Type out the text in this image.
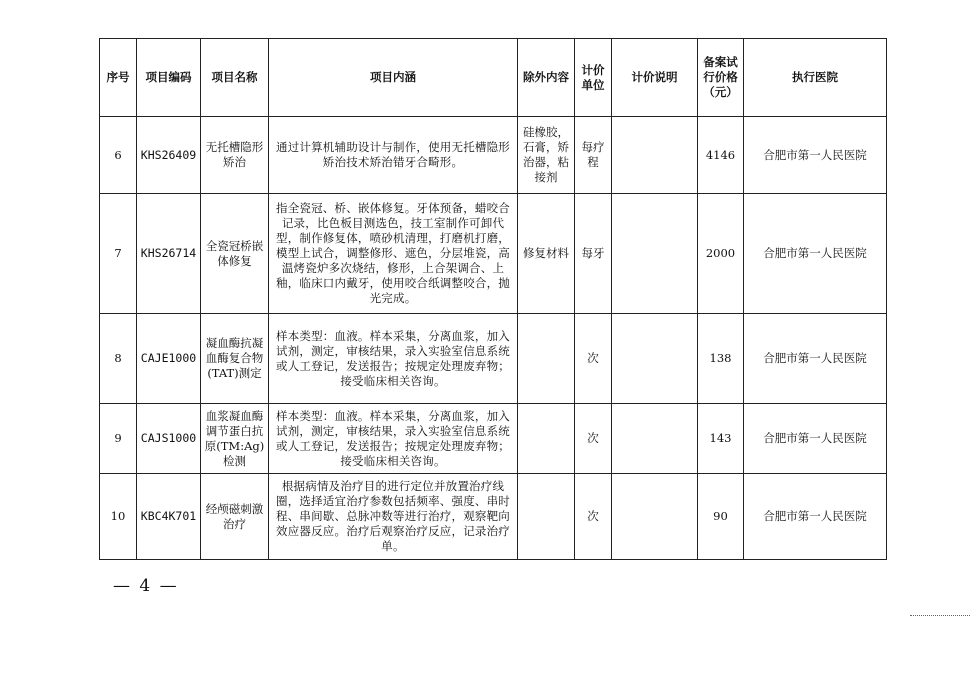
序号	项目编码	项目名称	项目内涵	除外内容	计价单位	计价说明	备案试行价格（元）	执行医院
6	KHS26409	无托槽隐形矫治	通过计算机辅助设计与制作，使用无托槽隐形矫治技术矫治错牙合畸形。	硅橡胶，石膏，矫治器，粘接剂	每疗程		4146	合肥市第一人民医院
7	KHS26714	全瓷冠桥嵌体修复	指全瓷冠、桥、嵌体修复。牙体预备，蜡咬合记录，比色板目测选色，技工室制作可卸代型，制作修复体，喷砂机清理，打磨机打磨，模型上试合，调整修形、遮色，分层堆瓷，高温烤瓷炉多次烧结，修形，上合架调合、上釉，临床口内戴牙，使用咬合纸调整咬合，抛光完成。	修复材料	每牙		2000	合肥市第一人民医院
8	CAJE1000	凝血酶抗凝血酶复合物(TAT)测定	样本类型：血液。样本采集，分离血浆，加入试剂，测定，审核结果，录入实验室信息系统或人工登记，发送报告；按规定处理废弃物；接受临床相关咨询。		次		138	合肥市第一人民医院
9	CAJS1000	血浆凝血酶调节蛋白抗原(TM:Ag)检测	样本类型：血液。样本采集，分离血浆，加入试剂，测定，审核结果，录入实验室信息系统或人工登记，发送报告；按规定处理废弃物；接受临床相关咨询。		次		143	合肥市第一人民医院
10	KBC4K701	经颅磁刺激治疗	根据病情及治疗目的进行定位并放置治疗线圈，选择适宜治疗参数包括频率、强度、串时程、串间歇、总脉冲数等进行治疗，观察靶向效应器反应。治疗后观察治疗反应，记录治疗单。		次		90	合肥市第一人民医院
— 4 —
